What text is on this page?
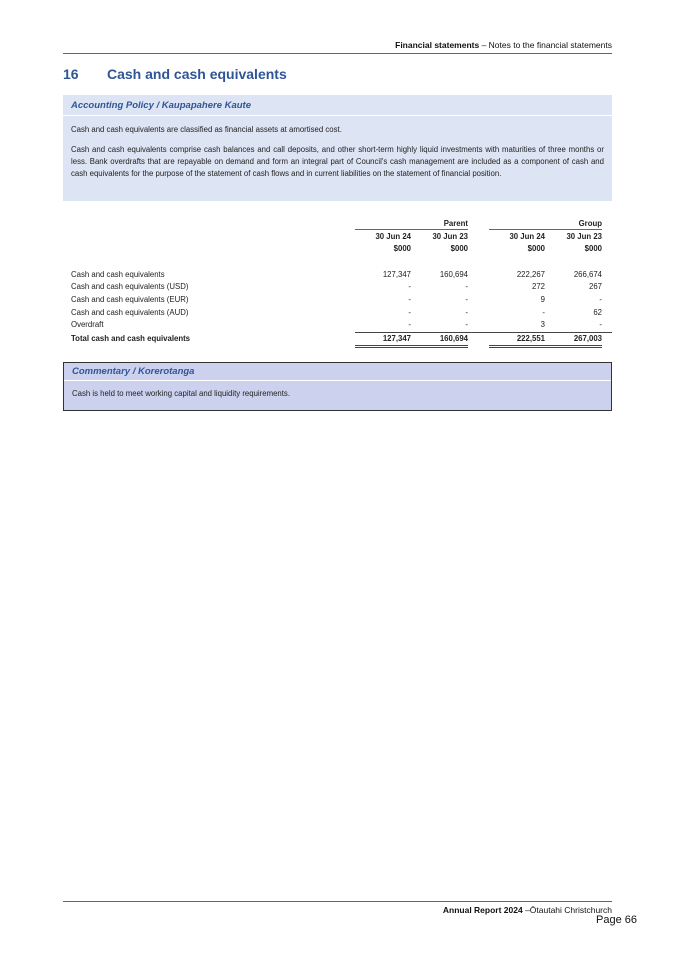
Financial statements – Notes to the financial statements
16 Cash and cash equivalents
Accounting Policy / Kaupapahere Kaute

Cash and cash equivalents are classified as financial assets at amortised cost.

Cash and cash equivalents comprise cash balances and call deposits, and other short-term highly liquid investments with maturities of three months or less. Bank overdrafts that are repayable on demand and form an integral part of Council's cash management are included as a component of cash and cash equivalents for the purpose of the statement of cash flows and in current liabilities on the statement of financial position.

Parent	Group
30 Jun 24	30 Jun 23	30 Jun 24	30 Jun 23
$000	$000	$000	$000
Cash and cash equivalents	127,347	160,694	222,267	266,674
Cash and cash equivalents (USD)	-	-	272	267
Cash and cash equivalents (EUR)	-	-	9	-
Cash and cash equivalents (AUD)	-	-	-	62
Overdraft	-	-	3	-
Total cash and cash equivalents	127,347	160,694	222,551	267,003
Commentary / Korerotanga

Cash is held to meet working capital and liquidity requirements.

Annual Report 2024 –Ōtautahi Christchurch
Page 66
